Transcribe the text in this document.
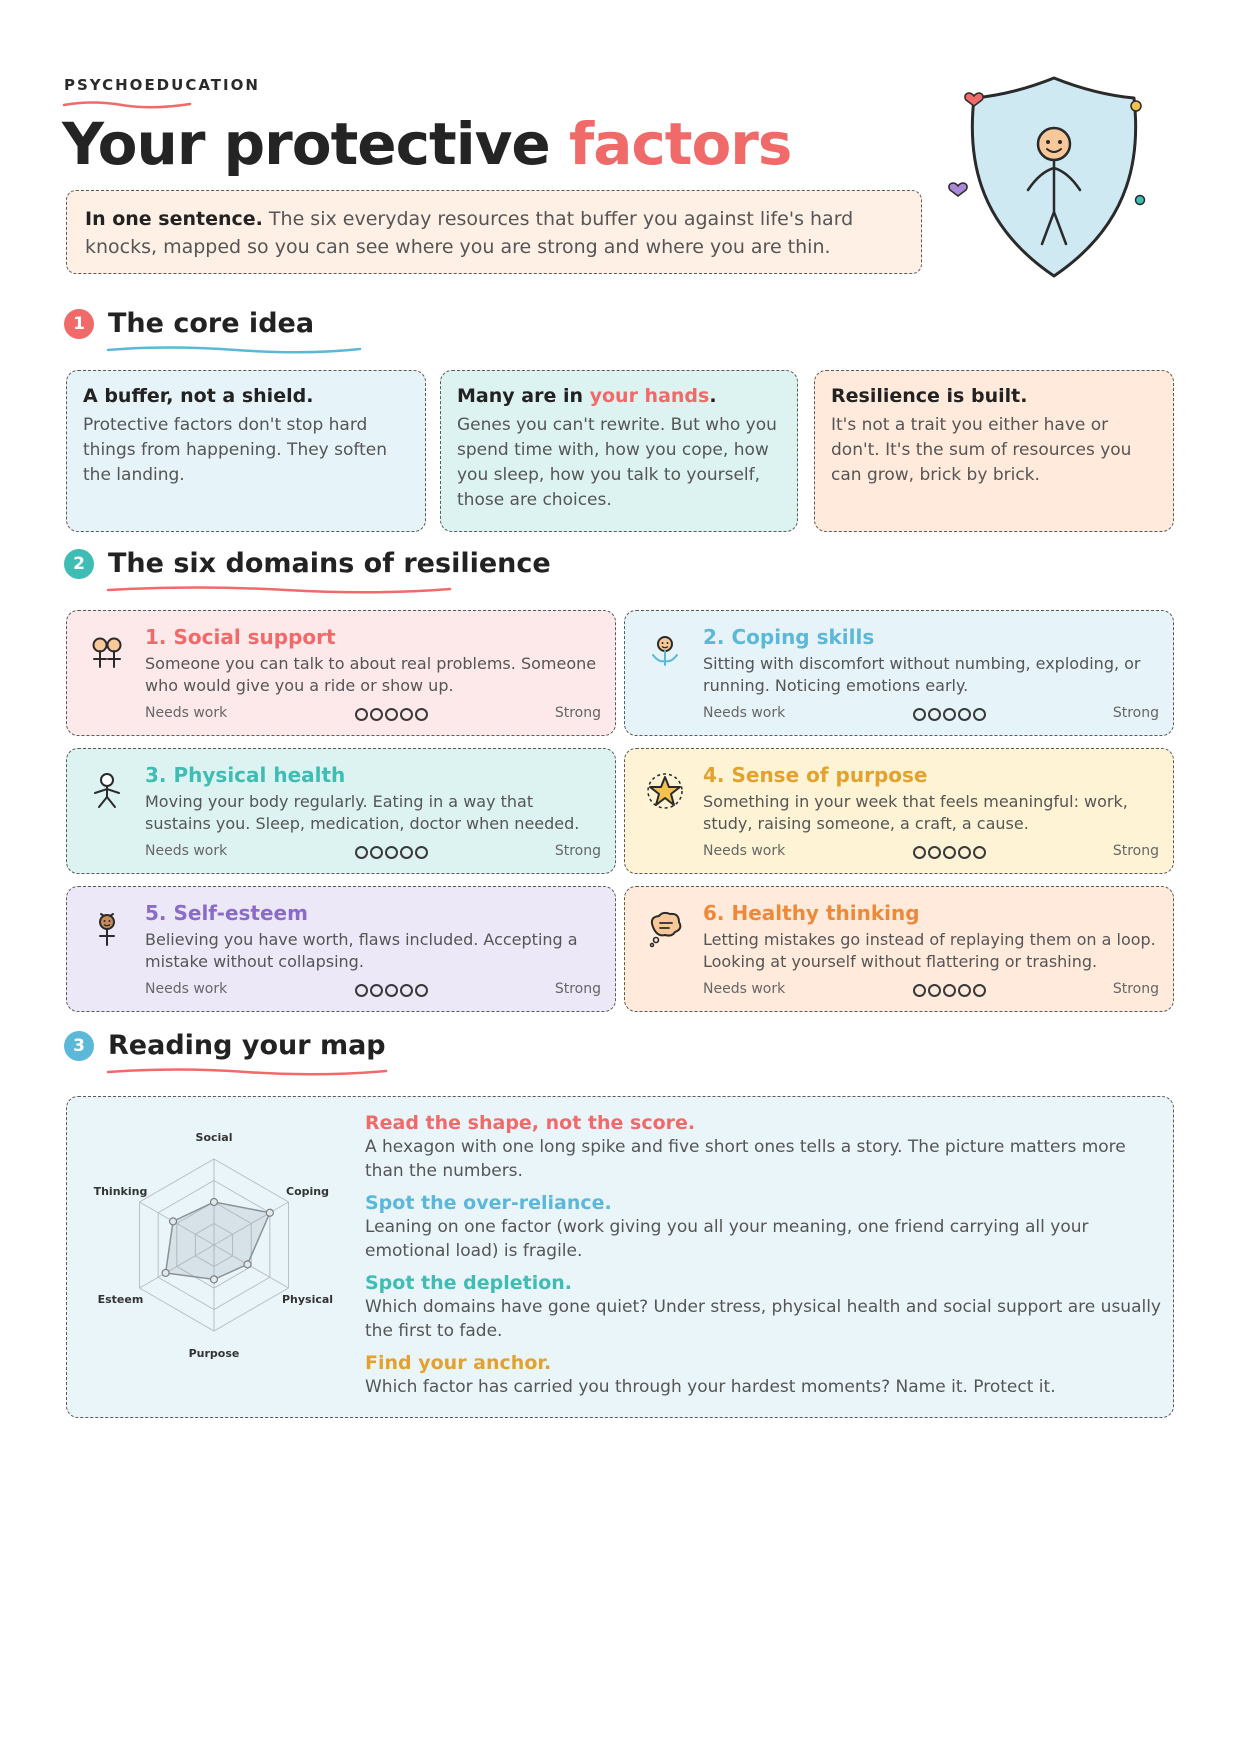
PSYCHOEDUCATION
Your protective factors
In one sentence. The six everyday resources that buffer you against life's hard knocks, mapped so you can see where you are strong and where you are thin.
1 The core idea
A buffer, not a shield.

Protective factors don't stop hard things from happening. They soften the landing.

Many are in your hands.

Genes you can't rewrite. But who you spend time with, how you cope, how you sleep, how you talk to yourself, those are choices.

Resilience is built.

It's not a trait you either have or don't. It's the sum of resources you can grow, brick by brick.

2 The six domains of resilience
1. Social support

Someone you can talk to about real problems. Someone who would give you a ride or show up.

Needs work	Strong
2. Coping skills

Sitting with discomfort without numbing, exploding, or running. Noticing emotions early.

Needs work	Strong
3. Physical health

Moving your body regularly. Eating in a way that sustains you. Sleep, medication, doctor when needed.

Needs work	Strong
4. Sense of purpose

Something in your week that feels meaningful: work, study, raising someone, a craft, a cause.

Needs work	Strong
5. Self-esteem

Believing you have worth, flaws included. Accepting a mistake without collapsing.

Needs work	Strong
6. Healthy thinking

Letting mistakes go instead of replaying them on a loop. Looking at yourself without flattering or trashing.

Needs work	Strong
3 Reading your map
Social
Coping
Physical
Purpose
Esteem
Thinking
Read the shape, not the score.

A hexagon with one long spike and five short ones tells a story. The picture matters more than the numbers.

Spot the over-reliance.

Leaning on one factor (work giving you all your meaning, one friend carrying all your emotional load) is fragile.

Spot the depletion.

Which domains have gone quiet? Under stress, physical health and social support are usually the first to fade.

Find your anchor.

Which factor has carried you through your hardest moments? Name it. Protect it.
